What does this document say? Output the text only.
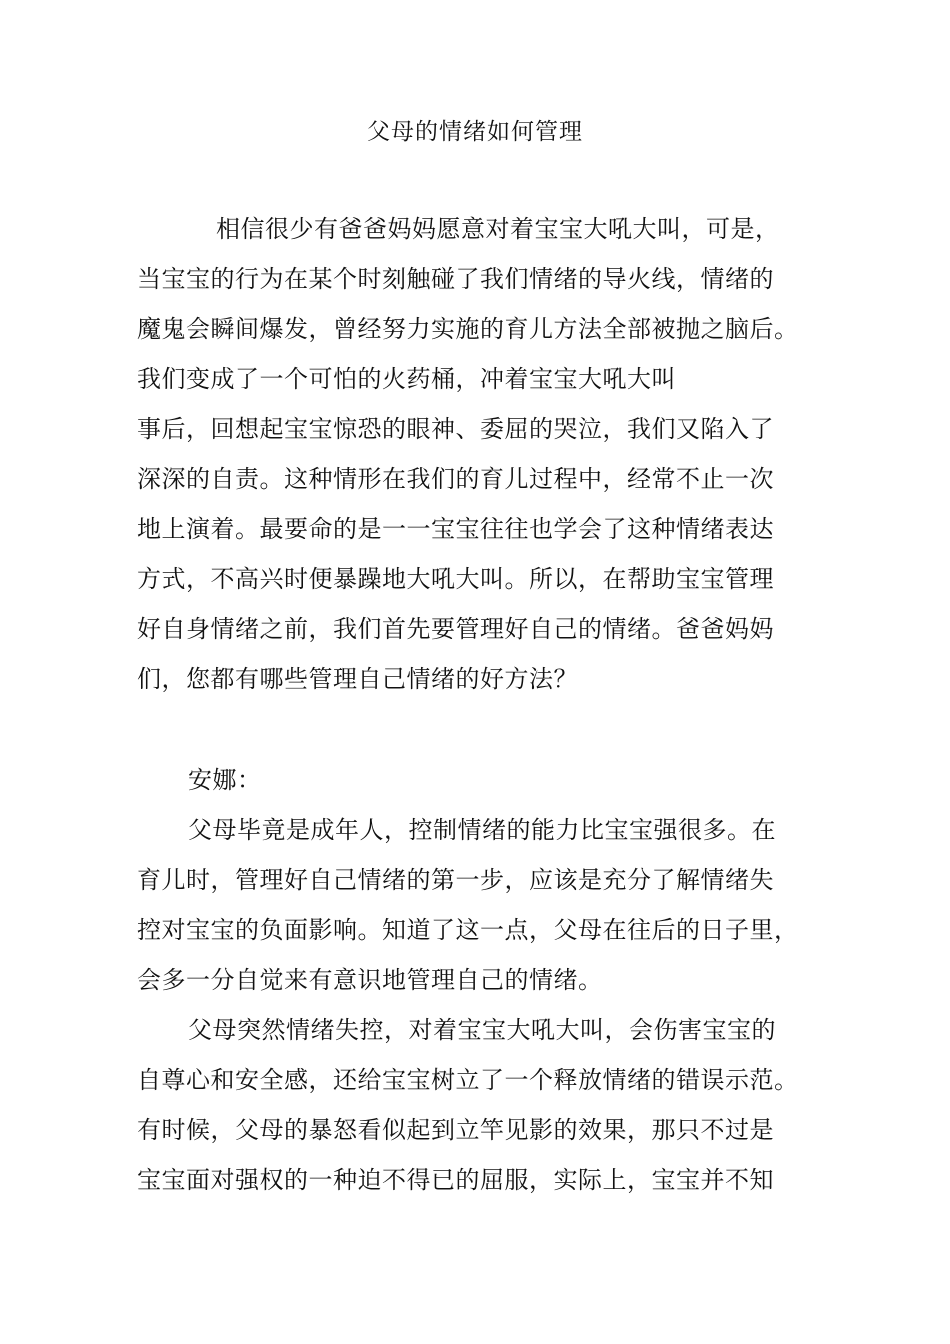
父母的情绪如何管理
相信很少有爸爸妈妈愿意对着宝宝大吼大叫，可是，
当宝宝的行为在某个时刻触碰了我们情绪的导火线，情绪的
魔鬼会瞬间爆发，曾经努力实施的育儿方法全部被抛之脑后。
我们变成了一个可怕的火药桶，冲着宝宝大吼大叫
事后，回想起宝宝惊恐的眼神、委屈的哭泣，我们又陷入了
深深的自责。这种情形在我们的育儿过程中，经常不止一次
地上演着。最要命的是一一宝宝往往也学会了这种情绪表达
方式，不高兴时便暴躁地大吼大叫。所以，在帮助宝宝管理
好自身情绪之前，我们首先要管理好自己的情绪。爸爸妈妈
们，您都有哪些管理自己情绪的好方法？
安娜：
父母毕竟是成年人，控制情绪的能力比宝宝强很多。在
育儿时，管理好自己情绪的第一步，应该是充分了解情绪失
控对宝宝的负面影响。知道了这一点，父母在往后的日子里，
会多一分自觉来有意识地管理自己的情绪。
父母突然情绪失控，对着宝宝大吼大叫，会伤害宝宝的
自尊心和安全感，还给宝宝树立了一个释放情绪的错误示范。
有时候，父母的暴怒看似起到立竿见影的效果，那只不过是
宝宝面对强权的一种迫不得已的屈服，实际上，宝宝并不知
